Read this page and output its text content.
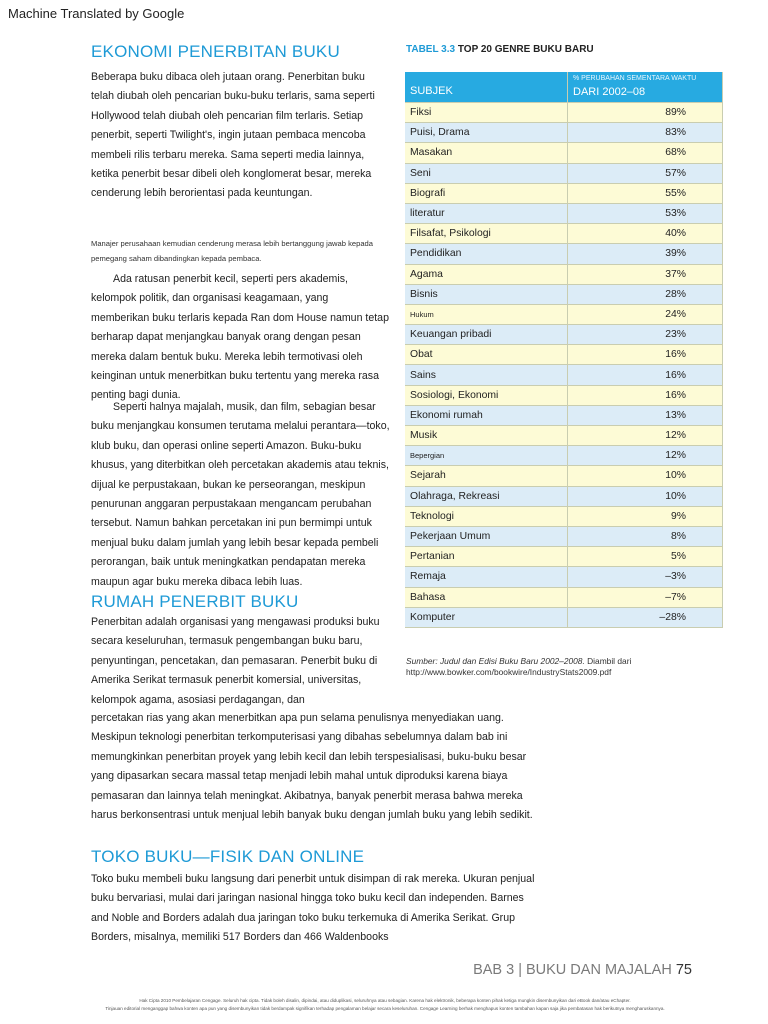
Machine Translated by Google
EKONOMI PENERBITAN BUKU
Beberapa buku dibaca oleh jutaan orang. Penerbitan buku telah diubah oleh pencarian buku-buku terlaris, sama seperti Hollywood telah diubah oleh pencarian film terlaris. Setiap penerbit, seperti Twilight's, ingin jutaan pembaca mencoba membeli rilis terbaru mereka. Sama seperti media lainnya, ketika penerbit besar dibeli oleh konglomerat besar, mereka cenderung lebih berorientasi pada keuntungan.
Manajer perusahaan kemudian cenderung merasa lebih bertanggung jawab kepada pemegang saham dibandingkan kepada pembaca.
Ada ratusan penerbit kecil, seperti pers akademis, kelompok politik, dan organisasi keagamaan, yang memberikan buku terlaris kepada Ran dom House namun tetap berharap dapat menjangkau banyak orang dengan pesan mereka dalam bentuk buku. Mereka lebih termotivasi oleh keinginan untuk menerbitkan buku tertentu yang mereka rasa penting bagi dunia.
Seperti halnya majalah, musik, dan film, sebagian besar buku menjangkau konsumen terutama melalui perantara—toko, klub buku, dan operasi online seperti Amazon. Buku-buku khusus, yang diterbitkan oleh percetakan akademis atau teknis, dijual ke perpustakaan, bukan ke perseorangan, meskipun penurunan anggaran perpustakaan mengancam perubahan tersebut. Namun bahkan percetakan ini pun bermimpi untuk menjual buku dalam jumlah yang lebih besar kepada pembeli perorangan, baik untuk meningkatkan pendapatan mereka maupun agar buku mereka dibaca lebih luas.
RUMAH PENERBIT BUKU
Penerbitan adalah organisasi yang mengawasi produksi buku secara keseluruhan, termasuk pengembangan buku baru, penyuntingan, pencetakan, dan pemasaran. Penerbit buku di Amerika Serikat termasuk penerbit komersial, universitas, kelompok agama, asosiasi perdagangan, dan
percetakan rias yang akan menerbitkan apa pun selama penulisnya menyediakan uang. Meskipun teknologi penerbitan terkomputerisasi yang dibahas sebelumnya dalam bab ini memungkinkan penerbitan proyek yang lebih kecil dan lebih terspesialisasi, buku-buku besar yang dipasarkan secara massal tetap menjadi lebih mahal untuk diproduksi karena biaya pemasaran dan lainnya telah meningkat. Akibatnya, banyak penerbit merasa bahwa mereka harus berkonsentrasi untuk menjual lebih banyak buku dengan jumlah buku yang lebih sedikit.
TOKO BUKU—FISIK DAN ONLINE
Toko buku membeli buku langsung dari penerbit untuk disimpan di rak mereka. Ukuran penjual buku bervariasi, mulai dari jaringan nasional hingga toko buku kecil dan independen. Barnes and Noble and Borders adalah dua jaringan toko buku terkemuka di Amerika Serikat. Grup Borders, misalnya, memiliki 517 Borders dan 466 Waldenbooks
TABEL 3.3 TOP 20 GENRE BUKU BARU
SUBJEK	% PERUBAHAN SEMENTARA WAKTU
DARI 2002–08

Fiksi	89%
Puisi, Drama	83%
Masakan	68%
Seni	57%
Biografi	55%
literatur	53%
Filsafat, Psikologi	40%
Pendidikan	39%
Agama	37%
Bisnis	28%
Hukum	24%
Keuangan pribadi	23%
Obat	16%
Sains	16%
Sosiologi, Ekonomi	16%
Ekonomi rumah	13%
Musik	12%
Bepergian	12%
Sejarah	10%
Olahraga, Rekreasi	10%
Teknologi	9%
Pekerjaan Umum	8%
Pertanian	5%
Remaja	–3%
Bahasa	–7%
Komputer	–28%
Sumber: Judul dan Edisi Buku Baru 2002–2008. Diambil dari http://www.bowker.com/bookwire/IndustryStats2009.pdf
BAB 3 | BUKU DAN MAJALAH 75
Hak Cipta 2010 Pembelajaran Cengage. Seluruh hak cipta. Tidak boleh disalin, dipindai, atau diduplikasi, seluruhnya atau sebagian. Karena hak elektronik, beberapa konten pihak ketiga mungkin disembunyikan dari eBook dan/atau eChapter.
Tinjauan editorial menganggap bahwa konten apa pun yang disembunyikan tidak berdampak signifikan terhadap pengalaman belajar secara keseluruhan. Cengage Learning berhak menghapus konten tambahan kapan saja jika pembatasan hak berikutnya mengharuskannya.
